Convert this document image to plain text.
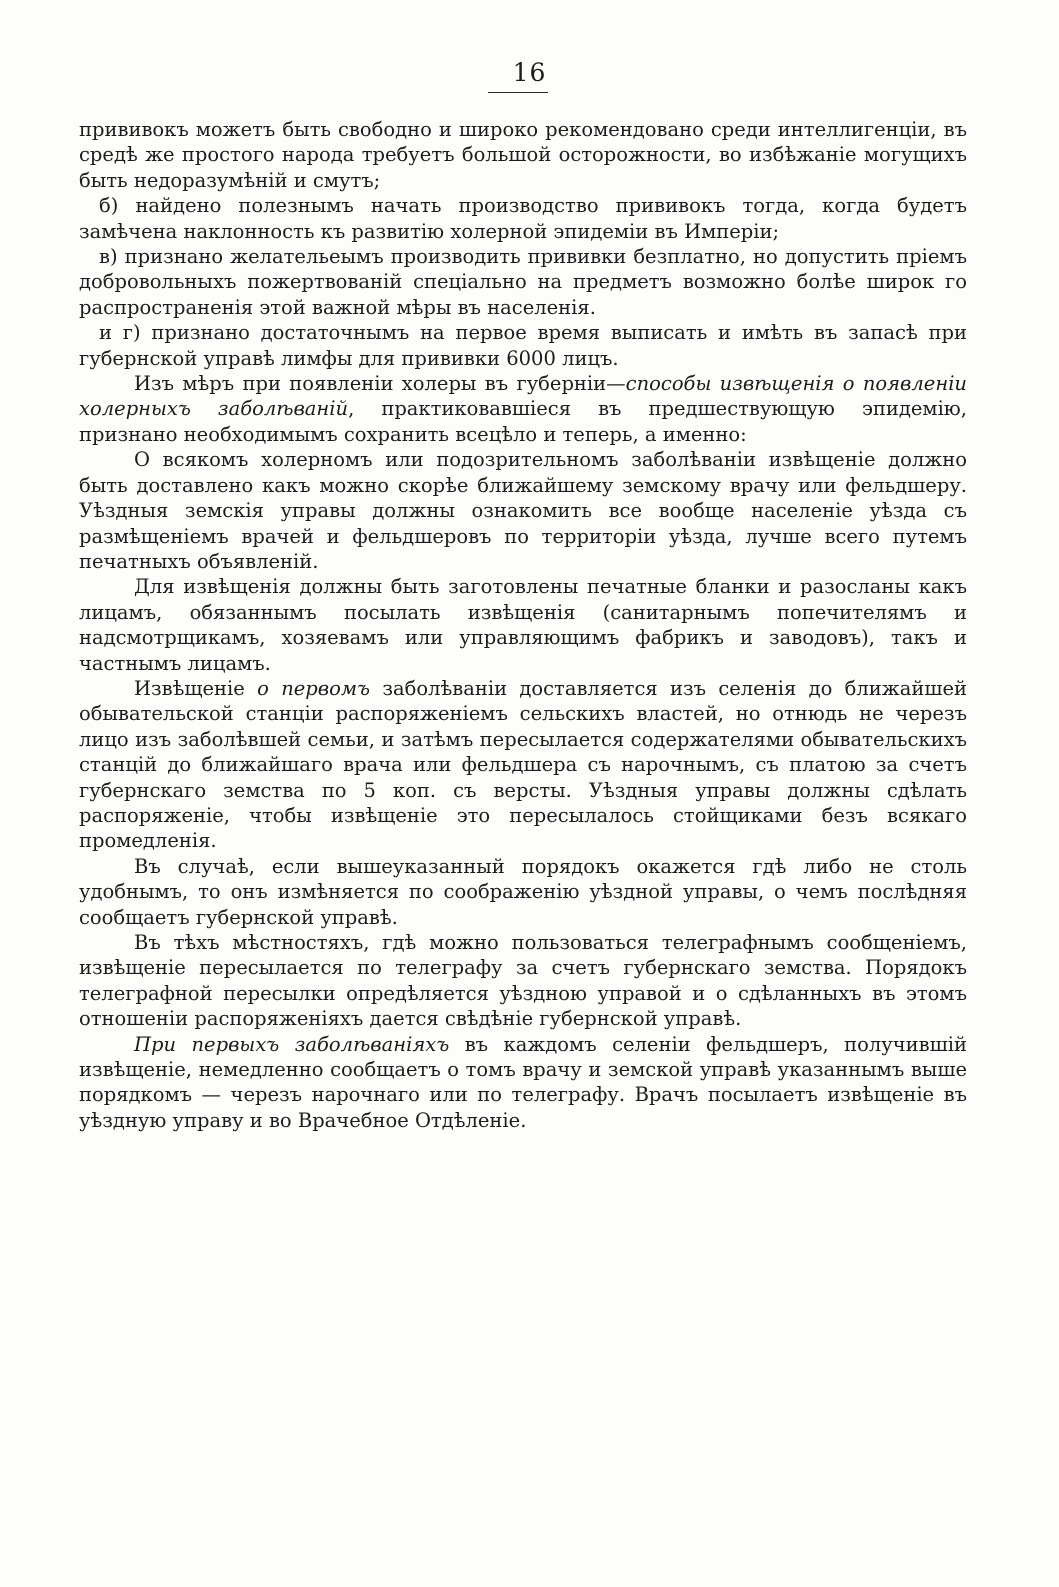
16

прививокъ можетъ быть свободно и широко рекомендовано среди интеллигенціи, въ средѣ же простого народа требуетъ большой осторожности, во избѣжаніе могущихъ быть недоразумѣній и смутъ;

б) найдено полезнымъ начать производство прививокъ тогда, когда будетъ замѣчена наклонность къ развитію холерной эпидеміи въ Имперіи;

в) признано желательеымъ производить прививки безплатно, но допустить пріемъ добровольныхъ пожертвованій спеціально на предметъ возможно болѣе широк го распространенія этой важной мѣры въ населенія.

и г) признано достаточнымъ на первое время выписать и имѣть въ запасѣ при губернской управѣ лимфы для прививки 6000 лицъ.

Изъ мѣръ при появленіи холеры въ губерніи—способы извѣщенія о появленіи холерныхъ заболѣваній, практиковавшіеся въ предшествующую эпидемію, признано необходимымъ сохранить всецѣло и теперь, а именно:

О всякомъ холерномъ или подозрительномъ заболѣваніи извѣщеніе должно быть доставлено какъ можно скорѣе ближайшему земскому врачу или фельдшеру. Уѣздныя земскія управы должны ознакомить все вообще населеніе уѣзда съ размѣщеніемъ врачей и фельдшеровъ по территоріи уѣзда, лучше всего путемъ печатныхъ объявленій.

Для извѣщенія должны быть заготовлены печатные бланки и разосланы какъ лицамъ, обязаннымъ посылать извѣщенія (санитарнымъ попечителямъ и надсмотрщикамъ, хозяевамъ или управляющимъ фабрикъ и заводовъ), такъ и частнымъ лицамъ.

Извѣщеніе о первомъ заболѣваніи доставляется изъ селенія до ближайшей обывательской станціи распоряженіемъ сельскихъ властей, но отнюдь не черезъ лицо изъ заболѣвшей семьи, и затѣмъ пересылается содержателями обывательскихъ станцій до ближайшаго врача или фельдшера съ нарочнымъ, съ платою за счетъ губернскаго земства по 5 коп. съ версты. Уѣздныя управы должны сдѣлать распоряженіе, чтобы извѣщеніе это пересылалось стойщиками безъ всякаго промедленія.

Въ случаѣ, если вышеуказанный порядокъ окажется гдѣ либо не столь удобнымъ, то онъ измѣняется по соображенію уѣздной управы, о чемъ послѣдняя сообщаетъ губернской управѣ.

Въ тѣхъ мѣстностяхъ, гдѣ можно пользоваться телеграфнымъ сообщеніемъ, извѣщеніе пересылается по телеграфу за счетъ губернскаго земства. Порядокъ телеграфной пересылки опредѣляется уѣздною управой и о сдѣланныхъ въ этомъ отношеніи распоряженіяхъ дается свѣдѣніе губернской управѣ.

При первыхъ заболѣваніяхъ въ каждомъ селеніи фельдшеръ, получившій извѣщеніе, немедленно сообщаетъ о томъ врачу и земской управѣ указаннымъ выше порядкомъ — черезъ нарочнаго или по телеграфу. Врачъ посылаетъ извѣщеніе въ уѣздную управу и во Врачебное Отдѣленіе.
